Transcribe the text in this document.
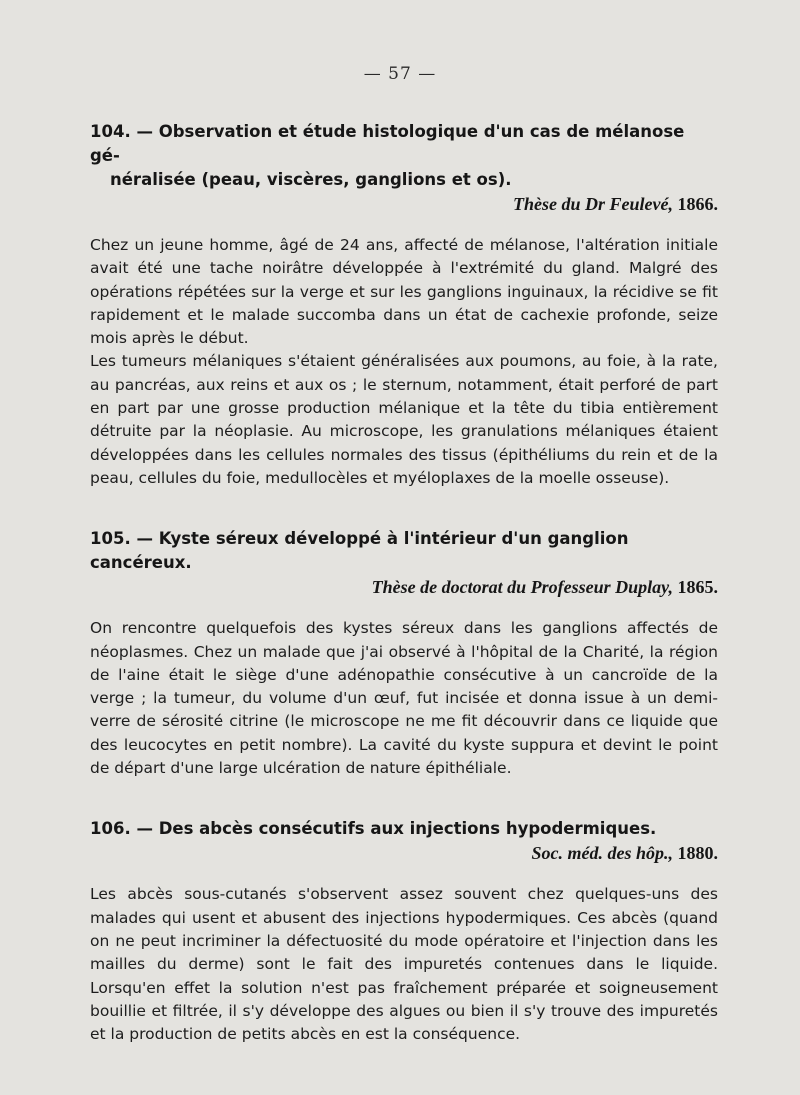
— 57 —

104. — Observation et étude histologique d'un cas de mélanose gé-
néralisée (peau, viscères, ganglions et os).

Thèse du Dr Feulevé, 1866.

Chez un jeune homme, âgé de 24 ans, affecté de mélanose, l'altération initiale avait été une tache noirâtre développée à l'extrémité du gland. Malgré des opérations répétées sur la verge et sur les ganglions inguinaux, la récidive se fit rapidement et le malade succomba dans un état de cachexie profonde, seize mois après le début.

Les tumeurs mélaniques s'étaient généralisées aux poumons, au foie, à la rate, au pancréas, aux reins et aux os ; le sternum, notamment, était perforé de part en part par une grosse production mélanique et la tête du tibia entièrement détruite par la néoplasie. Au microscope, les granulations mélaniques étaient développées dans les cellules normales des tissus (épithéliums du rein et de la peau, cellules du foie, medullocèles et myéloplaxes de la moelle osseuse).

105. — Kyste séreux développé à l'intérieur d'un ganglion cancéreux.

Thèse de doctorat du Professeur Duplay, 1865.

On rencontre quelquefois des kystes séreux dans les ganglions affectés de néoplasmes. Chez un malade que j'ai observé à l'hôpital de la Charité, la région de l'aine était le siège d'une adénopathie consécutive à un cancroïde de la verge ; la tumeur, du volume d'un œuf, fut incisée et donna issue à un demi-verre de sérosité citrine (le microscope ne me fit découvrir dans ce liquide que des leucocytes en petit nombre). La cavité du kyste suppura et devint le point de départ d'une large ulcération de nature épithéliale.

106. — Des abcès consécutifs aux injections hypodermiques.

Soc. méd. des hôp., 1880.

Les abcès sous-cutanés s'observent assez souvent chez quelques-uns des malades qui usent et abusent des injections hypodermiques. Ces abcès (quand on ne peut incriminer la défectuosité du mode opératoire et l'injection dans les mailles du derme) sont le fait des impuretés contenues dans le liquide. Lorsqu'en effet la solution n'est pas fraîchement préparée et soigneusement bouillie et filtrée, il s'y développe des algues ou bien il s'y trouve des impuretés et la production de petits abcès en est la conséquence.
